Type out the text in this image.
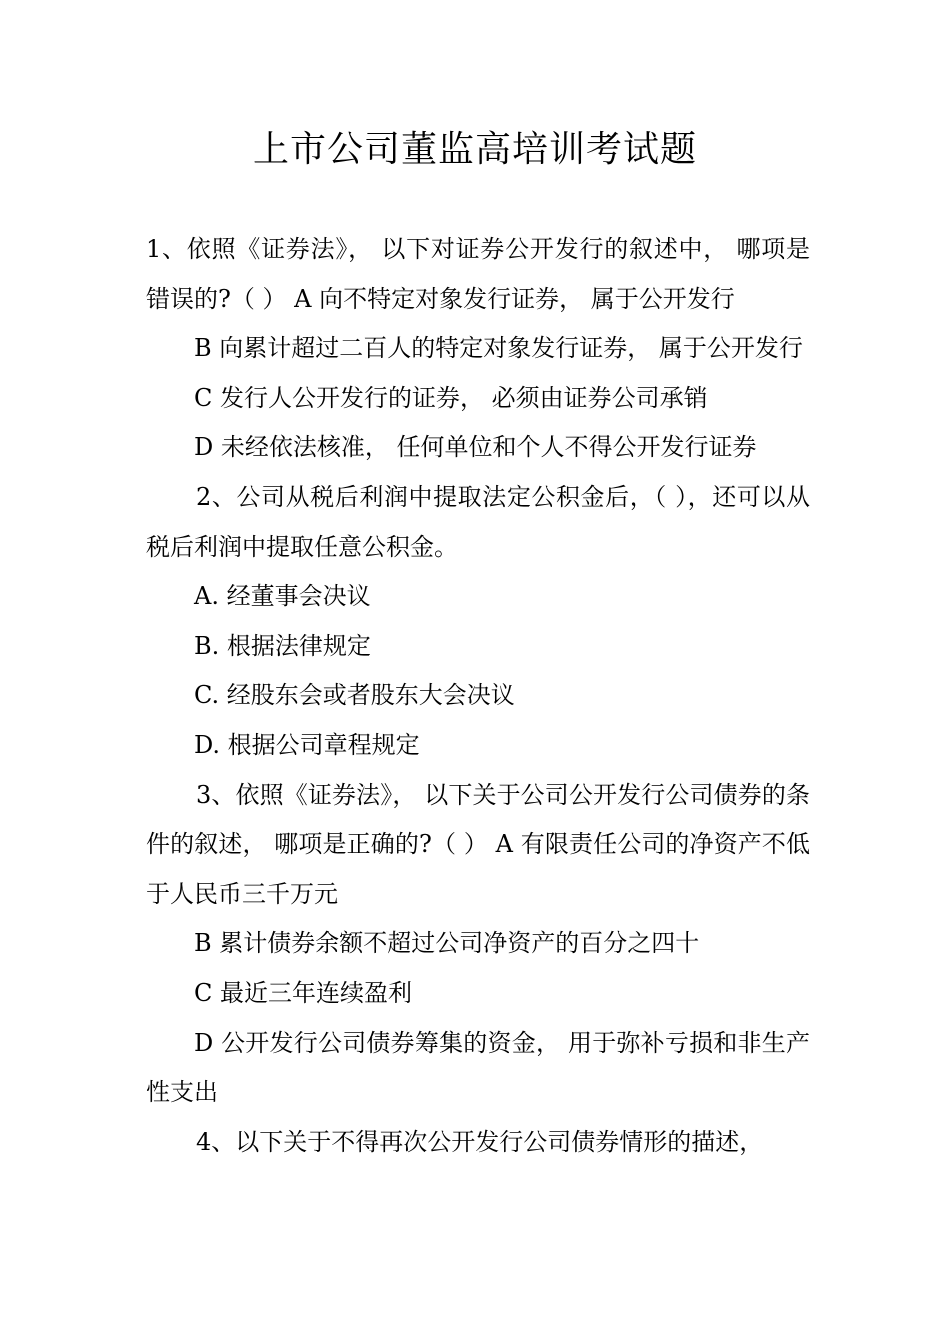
上市公司董监高培训考试题

1、依照《证券法》， 以下对证券公开发行的叙述中， 哪项是错误的?（ ） A 向不特定对象发行证券， 属于公开发行

B 向累计超过二百人的特定对象发行证券， 属于公开发行

C 发行人公开发行的证券， 必须由证券公司承销

D 未经依法核准， 任何单位和个人不得公开发行证券

2、公司从税后利润中提取法定公积金后，（ ），还可以从税后利润中提取任意公积金。

A. 经董事会决议

B. 根据法律规定

C. 经股东会或者股东大会决议

D. 根据公司章程规定

3、依照《证券法》， 以下关于公司公开发行公司债券的条件的叙述， 哪项是正确的?（ ） A 有限责任公司的净资产不低于人民币三千万元

B 累计债券余额不超过公司净资产的百分之四十

C 最近三年连续盈利

D 公开发行公司债券筹集的资金， 用于弥补亏损和非生产性支出

4、以下关于不得再次公开发行公司债券情形的描述，
